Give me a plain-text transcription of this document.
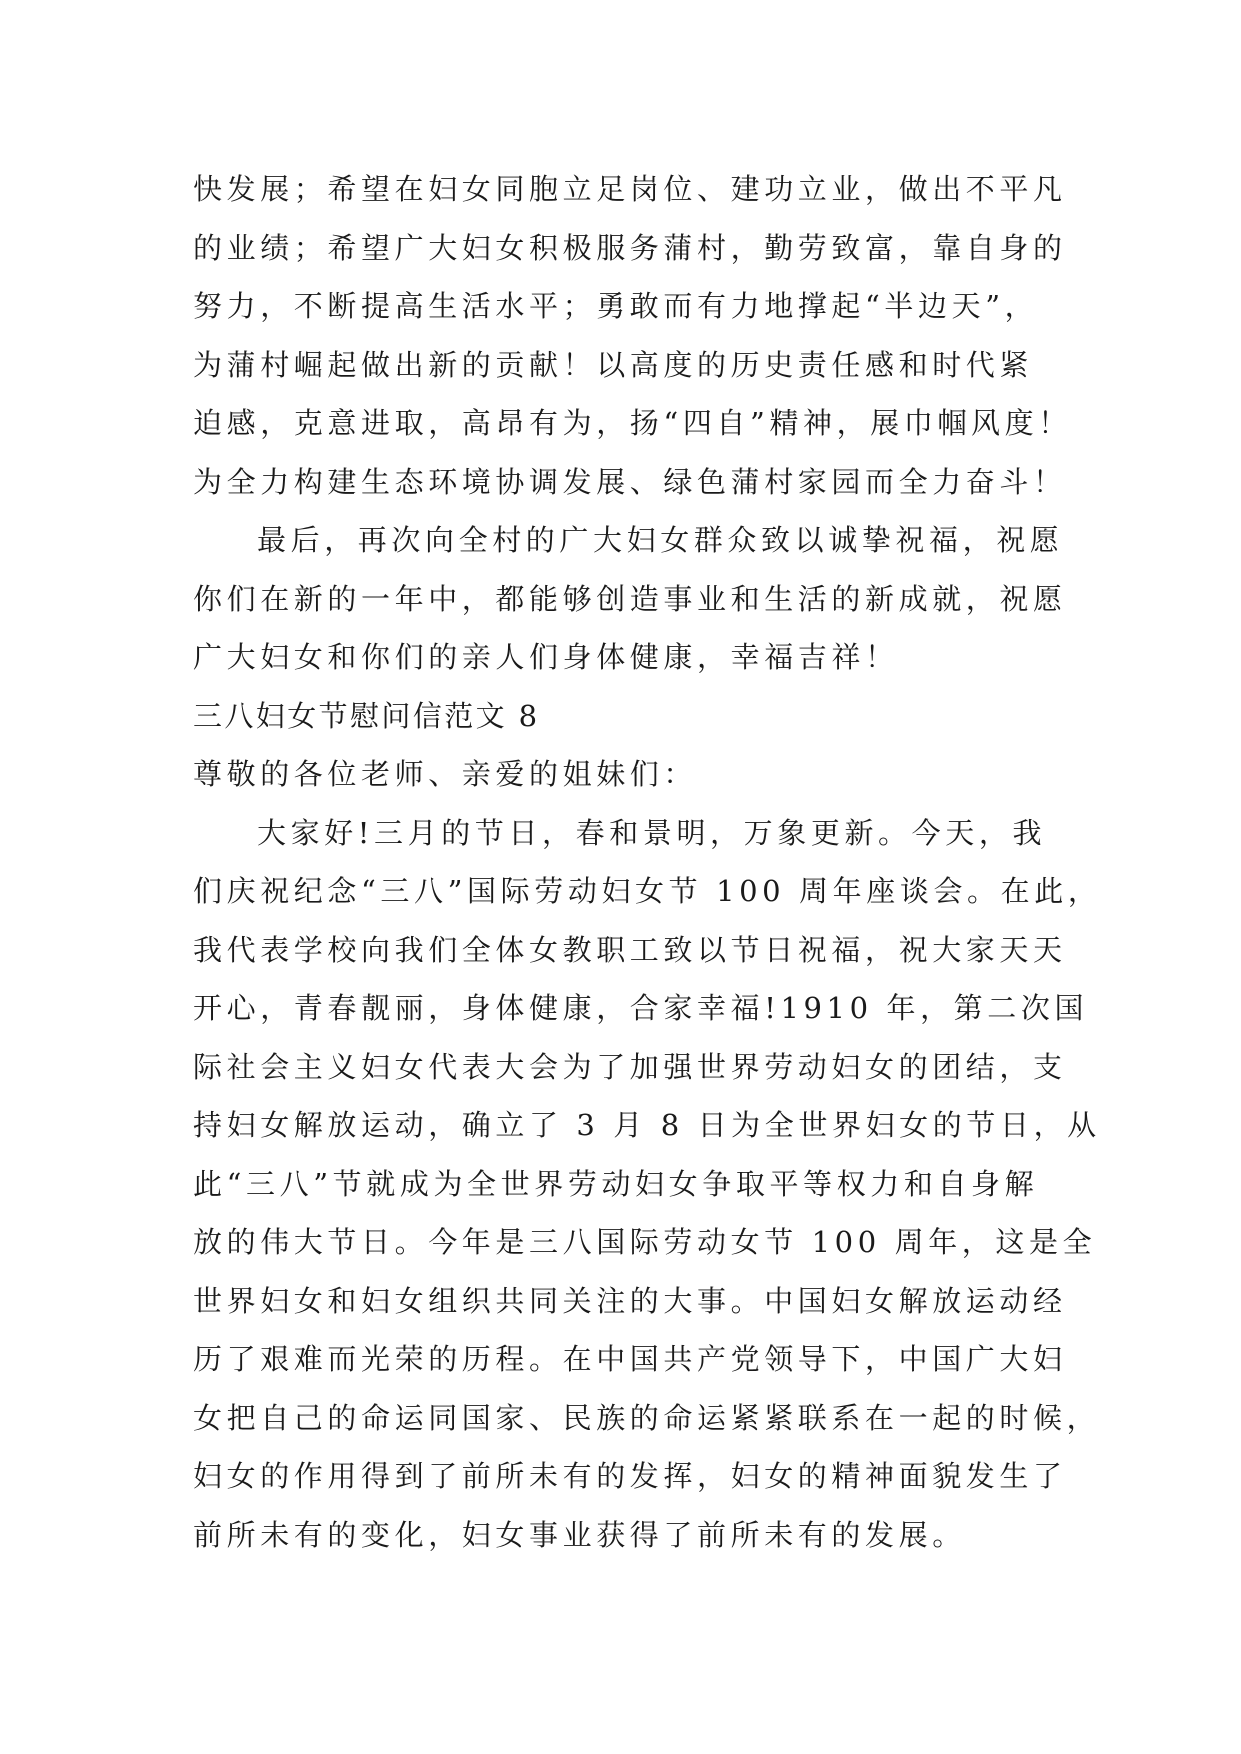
快发展；希望在妇女同胞立足岗位、建功立业，做出不平凡
的业绩；希望广大妇女积极服务蒲村，勤劳致富，靠自身的
努力，不断提高生活水平；勇敢而有力地撑起“半边天”，
为蒲村崛起做出新的贡献！以高度的历史责任感和时代紧
迫感，克意进取，高昂有为，扬“四自”精神，展巾帼风度！
为全力构建生态环境协调发展、绿色蒲村家园而全力奋斗！
最后，再次向全村的广大妇女群众致以诚挚祝福，祝愿
你们在新的一年中，都能够创造事业和生活的新成就，祝愿
广大妇女和你们的亲人们身体健康，幸福吉祥！
三八妇女节慰问信范文 8
尊敬的各位老师、亲爱的姐妹们：
大家好!三月的节日，春和景明，万象更新。今天，我
们庆祝纪念“三八”国际劳动妇女节 100 周年座谈会。在此，
我代表学校向我们全体女教职工致以节日祝福，祝大家天天
开心，青春靓丽，身体健康，合家幸福!1910 年，第二次国
际社会主义妇女代表大会为了加强世界劳动妇女的团结，支
持妇女解放运动，确立了 3 月 8 日为全世界妇女的节日，从
此“三八”节就成为全世界劳动妇女争取平等权力和自身解
放的伟大节日。今年是三八国际劳动女节 100 周年，这是全
世界妇女和妇女组织共同关注的大事。中国妇女解放运动经
历了艰难而光荣的历程。在中国共产党领导下，中国广大妇
女把自己的命运同国家、民族的命运紧紧联系在一起的时候，
妇女的作用得到了前所未有的发挥，妇女的精神面貌发生了
前所未有的变化，妇女事业获得了前所未有的发展。
